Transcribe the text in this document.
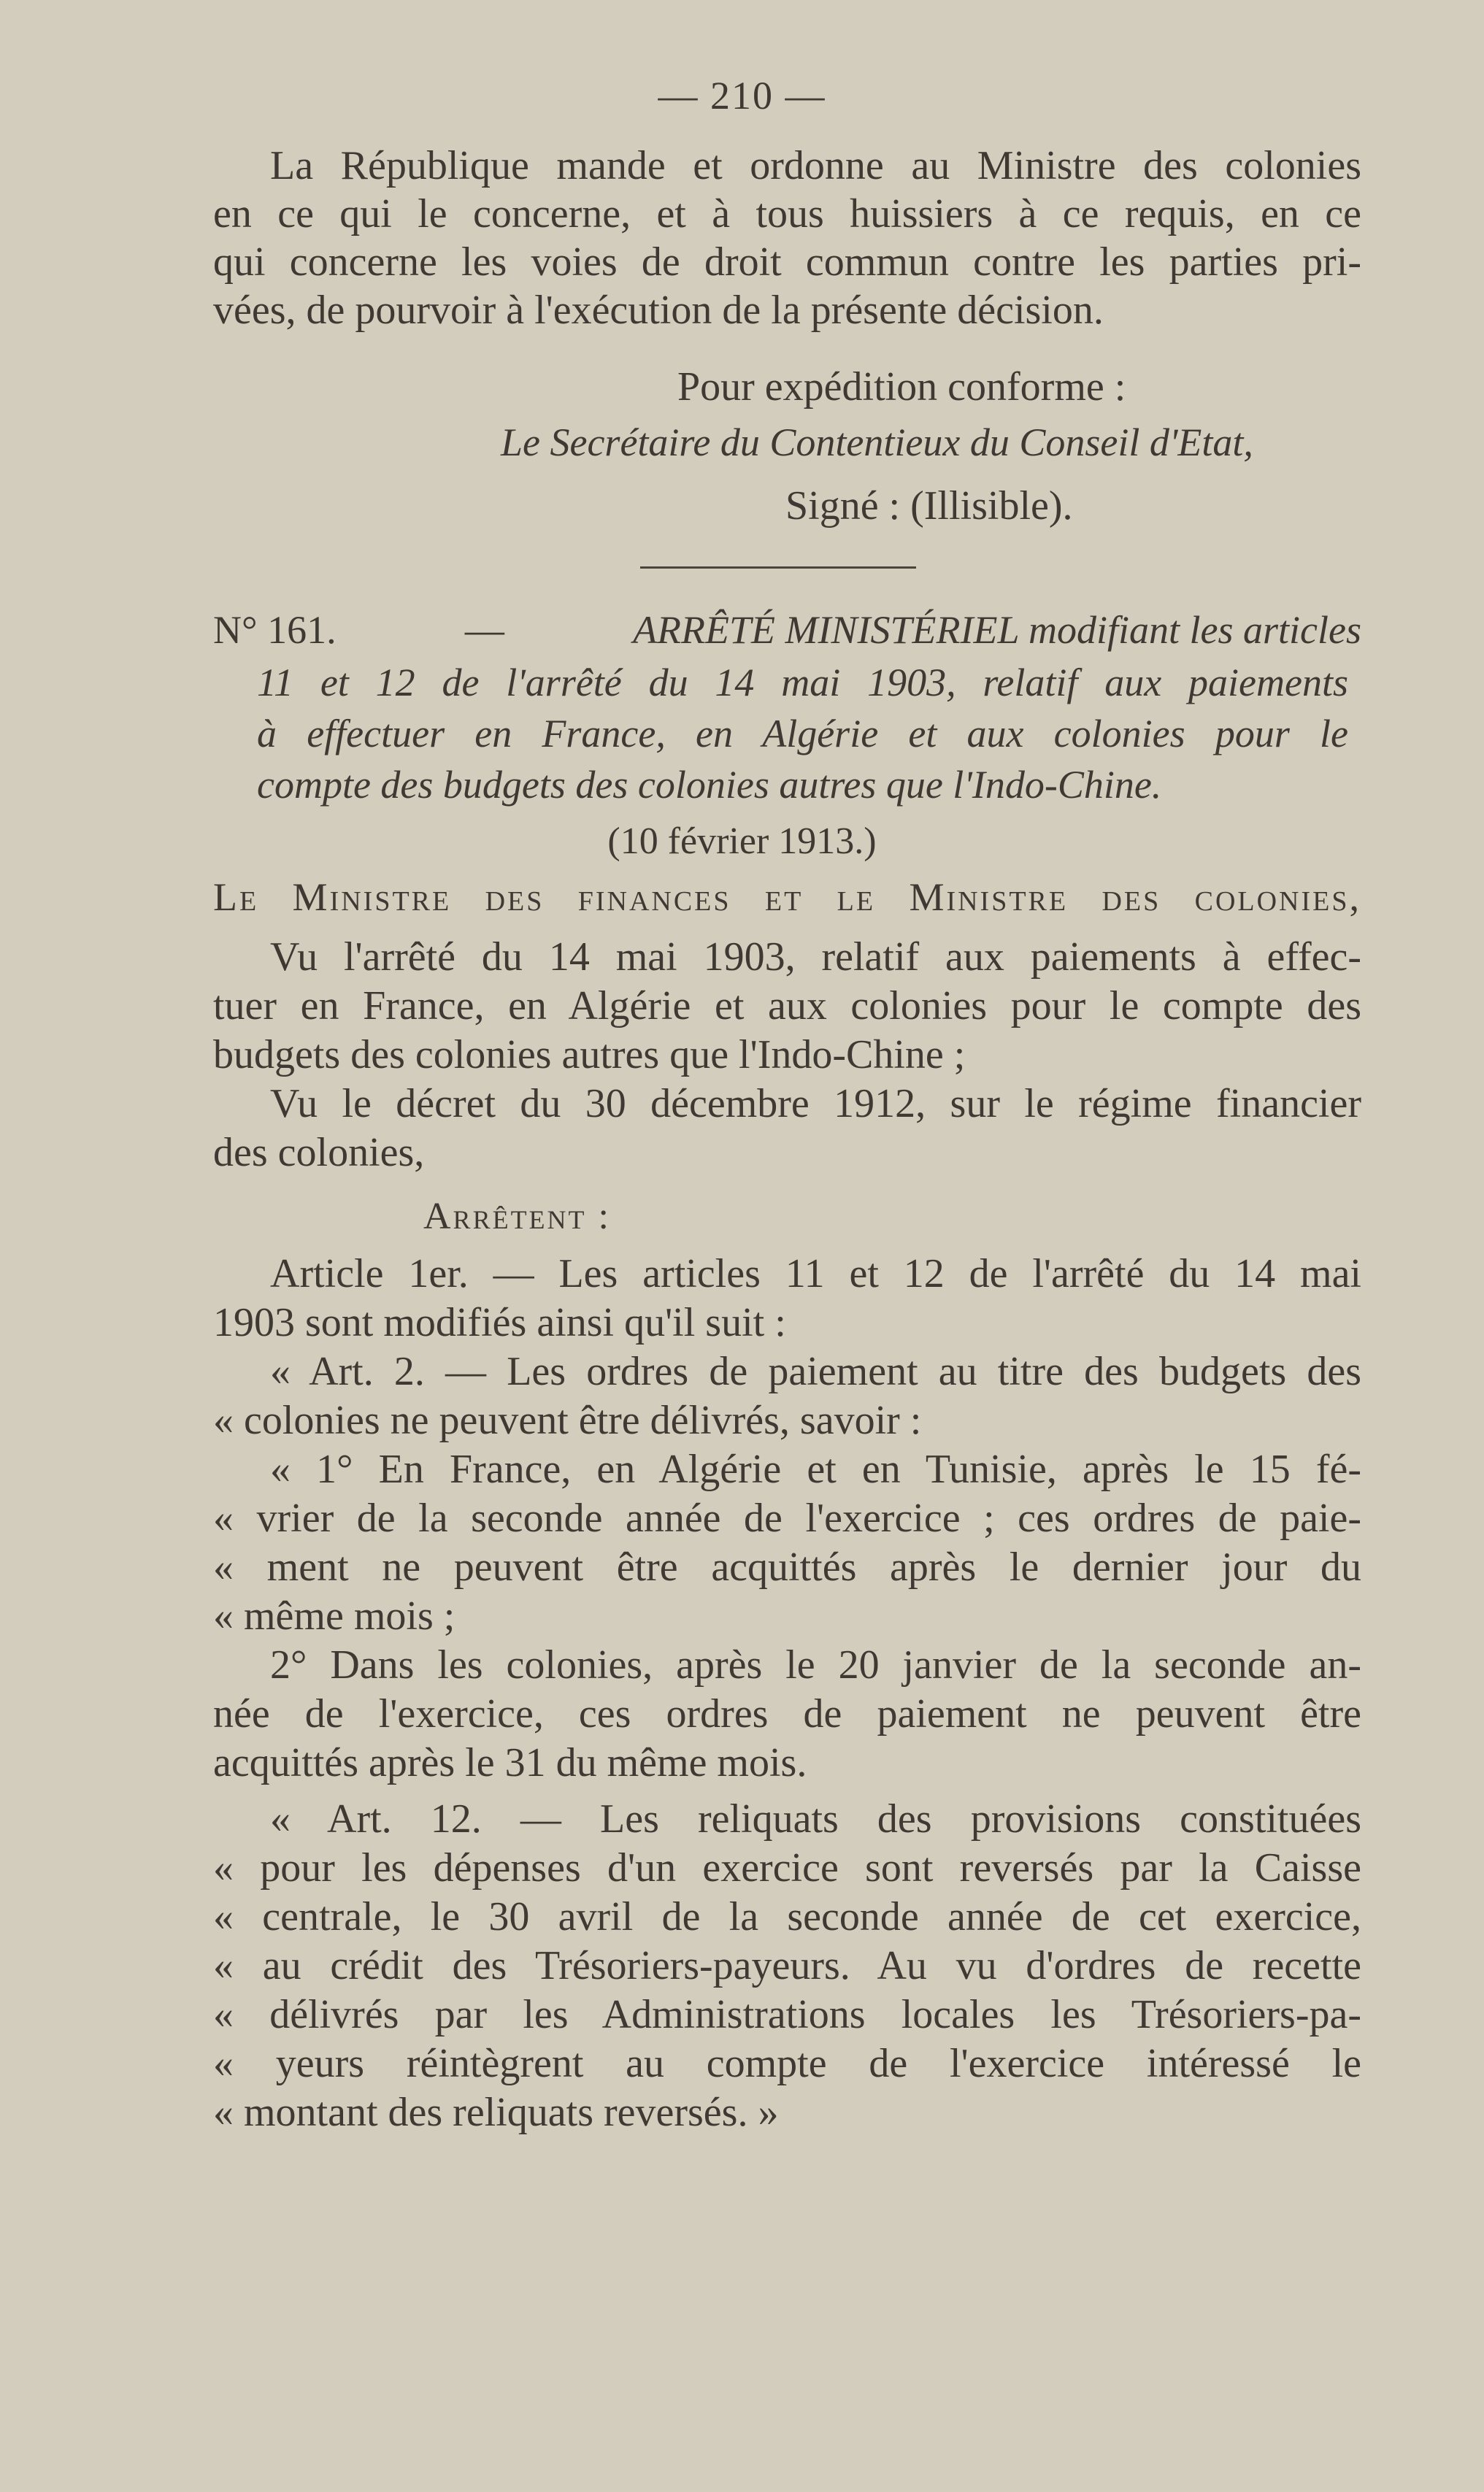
— 210 —

La République mande et ordonne au Ministre des colonies

en ce qui le concerne, et à tous huissiers à ce requis, en ce

qui concerne les voies de droit commun contre les parties pri-

vées, de pourvoir à l'exécution de la présente décision.

Pour expédition conforme :
Le Secrétaire du Contentieux du Conseil d'Etat,
Signé : (Illisible).
N° 161.	—	ARRÊTÉ MINISTÉRIEL modifiant les articles

11 et 12 de l'arrêté du 14 mai 1903, relatif aux paiements

à effectuer en France, en Algérie et aux colonies pour le

compte des budgets des colonies autres que l'Indo-Chine.

(10 février 1913.)

Le Ministre des finances et le Ministre des colonies,

Vu l'arrêté du 14 mai 1903, relatif aux paiements à effec-

tuer en France, en Algérie et aux colonies pour le compte des

budgets des colonies autres que l'Indo-Chine ;

Vu le décret du 30 décembre 1912, sur le régime financier

des colonies,

Arrêtent :

Article 1er. — Les articles 11 et 12 de l'arrêté du 14 mai

1903 sont modifiés ainsi qu'il suit :

« Art. 2. — Les ordres de paiement au titre des budgets des

« colonies ne peuvent être délivrés, savoir :

« 1° En France, en Algérie et en Tunisie, après le 15 fé-

« vrier de la seconde année de l'exercice ; ces ordres de paie-

« ment ne peuvent être acquittés après le dernier jour du

« même mois ;

2° Dans les colonies, après le 20 janvier de la seconde an-

née de l'exercice, ces ordres de paiement ne peuvent être

acquittés après le 31 du même mois.

« Art. 12. — Les reliquats des provisions constituées

« pour les dépenses d'un exercice sont reversés par la Caisse

« centrale, le 30 avril de la seconde année de cet exercice,

« au crédit des Trésoriers-payeurs. Au vu d'ordres de recette

« délivrés par les Administrations locales les Trésoriers-pa-

« yeurs réintègrent au compte de l'exercice intéressé le

« montant des reliquats reversés. »
